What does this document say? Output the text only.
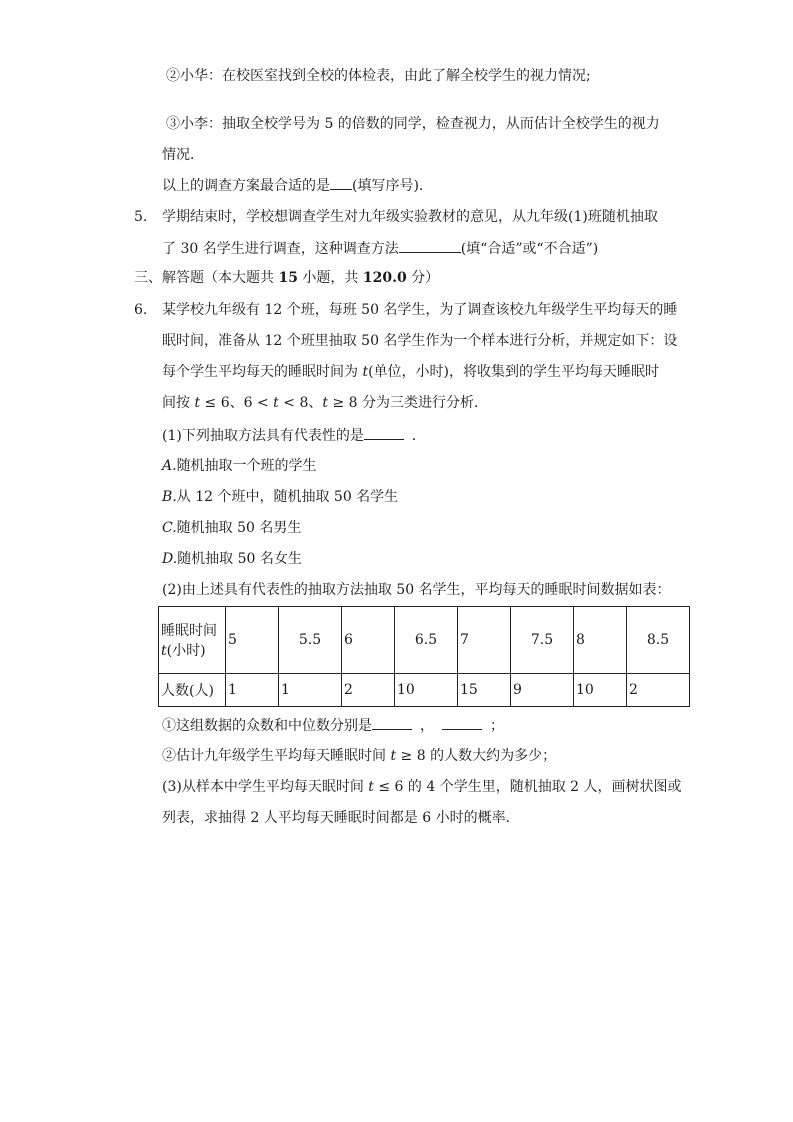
②小华：在校医室找到全校的体检表，由此了解全校学生的视力情况;
③小李：抽取全校学号为 5 的倍数的同学，检查视力，从而估计全校学生的视力
情况．
以上的调查方案最合适的是 (填写序号)．
5. 学期结束时，学校想调查学生对九年级实验教材的意见，从九年级(1)班随机抽取
了 30 名学生进行调查，这种调查方法	(填“合适”或“不合适”)
三、解答题（本大题共 15 小题，共 120.0 分）
6. 某学校九年级有 12 个班，每班 50 名学生，为了调查该校九年级学生平均每天的睡
眠时间，准备从 12 个班里抽取 50 名学生作为一个样本进行分析，并规定如下：设
每个学生平均每天的睡眠时间为 t(单位，小时)，将收集到的学生平均每天睡眠时
间按 t ≤ 6、6 < t < 8、t ≥ 8 分为三类进行分析．
(1)下列抽取方法具有代表性的是	．
A.随机抽取一个班的学生
B.从 12 个班中，随机抽取 50 名学生
C.随机抽取 50 名男生
D.随机抽取 50 名女生
(2)由上述具有代表性的抽取方法抽取 50 名学生，平均每天的睡眠时间数据如表：
睡眠时间
t(小时)	5	5.5	6	6.5	7	7.5	8	8.5
人数(人)	1	1	2	10	15	9	10	2
①这组数据的众数和中位数分别是	，	；
②估计九年级学生平均每天睡眠时间 t ≥ 8 的人数大约为多少；
(3)从样本中学生平均每天眠时间 t ≤ 6 的 4 个学生里，随机抽取 2 人，画树状图或
列表，求抽得 2 人平均每天睡眠时间都是 6 小时的概率．
